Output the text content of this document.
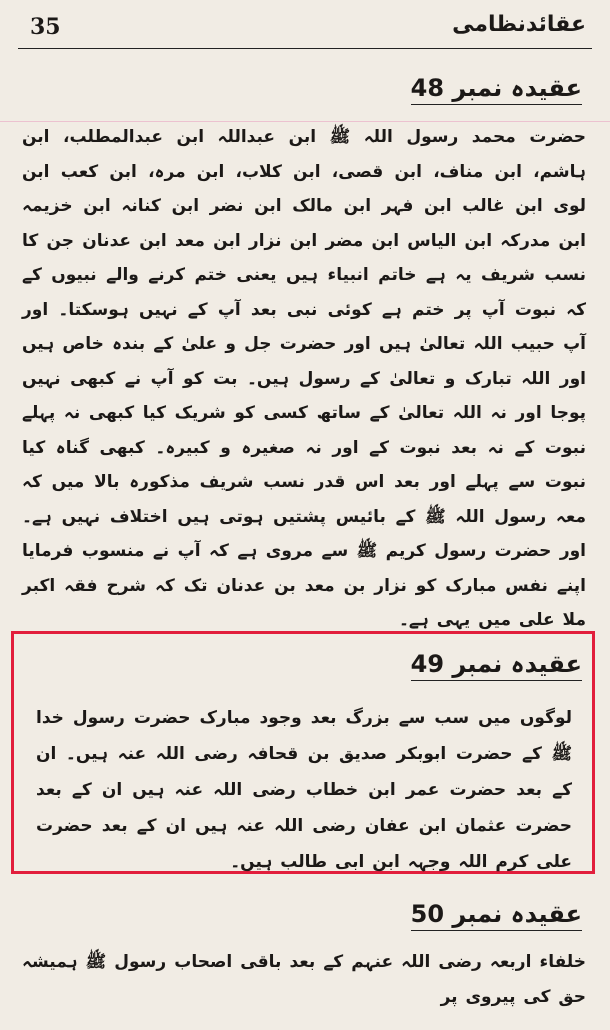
35	عقائدنظامی
عقیدہ نمبر 48
حضرت محمد رسول اللہ ﷺ ابن عبداللہ ابن عبدالمطلب، ابن ہاشم، ابن مناف، ابن قصی، ابن کلاب، ابن مرہ، ابن کعب ابن لوی ابن غالب ابن فہر ابن مالک ابن نضر ابن کنانہ ابن خزیمہ ابن مدرکہ ابن الیاس ابن مضر ابن نزار ابن معد ابن عدنان جن کا نسب شریف یہ ہے خاتم انبیاء ہیں یعنی ختم کرنے والے نبیوں کے کہ نبوت آپ پر ختم ہے کوئی نبی بعد آپ کے نہیں ہوسکتا۔ اور آپ حبیب اللہ تعالیٰ ہیں اور حضرت جل و علیٰ کے بندہ خاص ہیں اور اللہ تبارک و تعالیٰ کے رسول ہیں۔ بت کو آپ نے کبھی نہیں پوجا اور نہ اللہ تعالیٰ کے ساتھ کسی کو شریک کیا کبھی نہ پہلے نبوت کے نہ بعد نبوت کے اور نہ صغیرہ و کبیرہ۔ کبھی گناہ کیا نبوت سے پہلے اور بعد اس قدر نسب شریف مذکورہ بالا میں کہ معہ رسول اللہ ﷺ کے بائیس پشتیں ہوتی ہیں اختلاف نہیں ہے۔ اور حضرت رسول کریم ﷺ سے مروی ہے کہ آپ نے منسوب فرمایا اپنے نفس مبارک کو نزار بن معد بن عدنان تک کہ شرح فقہ اکبر ملا علی میں یہی ہے۔
عقیدہ نمبر 49
لوگوں میں سب سے بزرگ بعد وجود مبارک حضرت رسول خدا ﷺ کے حضرت ابوبکر صدیق بن قحافہ رضی اللہ عنہ ہیں۔ ان کے بعد حضرت عمر ابن خطاب رضی اللہ عنہ ہیں ان کے بعد حضرت عثمان ابن عفان رضی اللہ عنہ ہیں ان کے بعد حضرت علی کرم اللہ وجہہ ابن ابی طالب ہیں۔
عقیدہ نمبر 50
خلفاء اربعہ رضی اللہ عنہم کے بعد باقی اصحاب رسول ﷺ ہمیشہ حق کی پیروی پر
